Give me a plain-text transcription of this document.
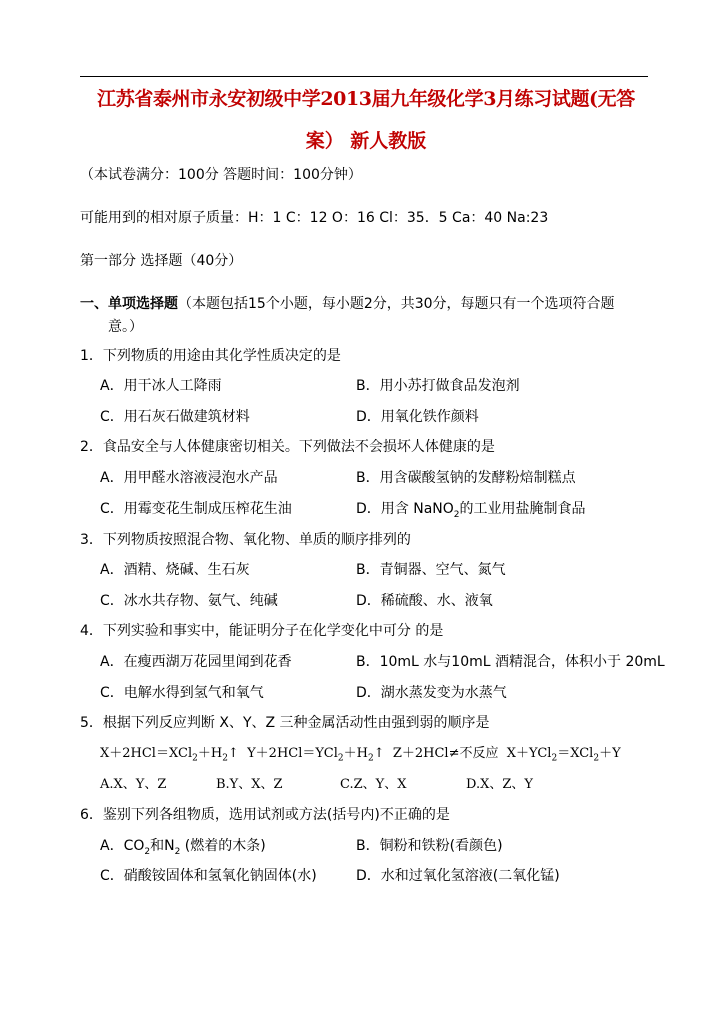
江苏省泰州市永安初级中学2013届九年级化学3月练习试题(无答
案） 新人教版
（本试卷满分：100分 答题时间：100分钟）
可能用到的相对原子质量：H：1 C：12 O：16 Cl：35．5 Ca：40 Na:23
第一部分 选择题（40分）
一、单项选择题（本题包括15个小题，每小题2分，共30分，每题只有一个选项符合题
意。）
1．下列物质的用途由其化学性质决定的是
A．用干冰人工降雨	B．用小苏打做食品发泡剂
C．用石灰石做建筑材料	D．用氧化铁作颜料
2．食品安全与人体健康密切相关。下列做法不会损坏人体健康的是
A．用甲醛水溶液浸泡水产品	B．用含碳酸氢钠的发酵粉焙制糕点
C．用霉变花生制成压榨花生油	D．用含 NaNO$_2$的工业用盐腌制食品
3．下列物质按照混合物、氧化物、单质的顺序排列的
A．酒精、烧碱、生石灰	B．青铜器、空气、氮气
C．冰水共存物、氨气、纯碱	D．稀硫酸、水、液氧
4．下列实验和事实中，能证明分子在化学变化中可分 的是
A．在瘦西湖万花园里闻到花香	B．10mL 水与10mL 酒精混合，体积小于 20mL
C．电解水得到氢气和氧气	D．湖水蒸发变为水蒸气
5．根据下列反应判断 X、Y、Z 三种金属活动性由强到弱的顺序是
$X+2HCl=XCl_2+H_2↑$ $Y+2HCl=YCl_2+H_2↑$ Z＋2HCl≠不反应 X＋YCl$_2$＝XCl$_2$＋Y
A.X、Y、Z	B.Y、X、Z	C.Z、Y、X	D.X、Z、Y
6．鉴别下列各组物质，选用试剂或方法(括号内)不正确的是
A．$CO_2$和$N_2$ (燃着的木条)	B．铜粉和铁粉(看颜色)
C．硝酸铵固体和氢氧化钠固体(水)	D．水和过氧化氢溶液(二氧化锰)
